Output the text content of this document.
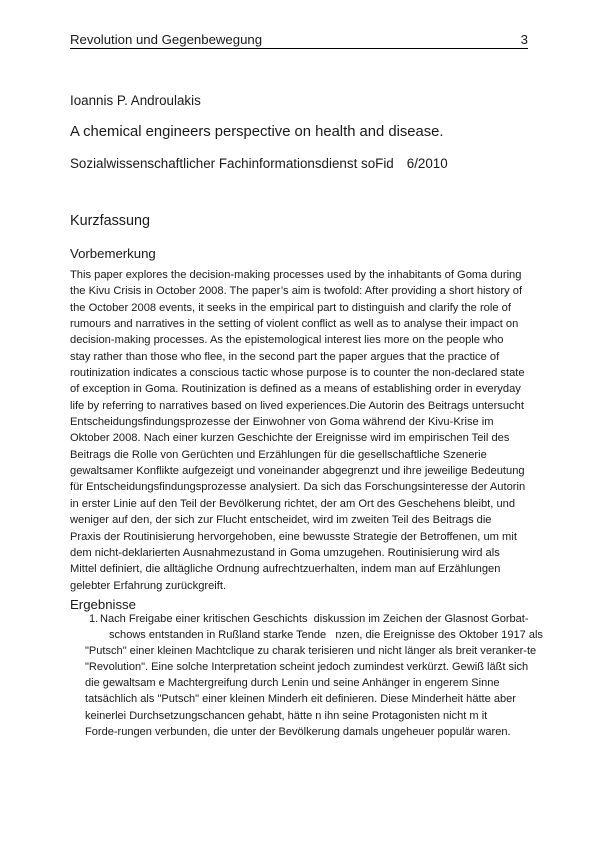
Revolution und Gegenbewegung	3
Ioannis P. Androulakis
A chemical engineers perspective on health and disease.
Sozialwissenschaftlicher Fachinformationsdienst soFid 6/2010
Kurzfassung
Vorbemerkung
This paper explores the decision-making processes used by the inhabitants of Goma during
the Kivu Crisis in October 2008. The paper’s aim is twofold: After providing a short history of
the October 2008 events, it seeks in the empirical part to distinguish and clarify the role of
rumours and narratives in the setting of violent conflict as well as to analyse their impact on
decision-making processes. As the epistemological interest lies more on the people who
stay rather than those who flee, in the second part the paper argues that the practice of
routinization indicates a conscious tactic whose purpose is to counter the non-declared state
of exception in Goma. Routinization is defined as a means of establishing order in everyday
life by referring to narratives based on lived experiences.Die Autorin des Beitrags untersucht
Entscheidungsfindungsprozesse der Einwohner von Goma während der Kivu-Krise im
Oktober 2008. Nach einer kurzen Geschichte der Ereignisse wird im empirischen Teil des
Beitrags die Rolle von Gerüchten und Erzählungen für die gesellschaftliche Szenerie
gewaltsamer Konflikte aufgezeigt und voneinander abgegrenzt und ihre jeweilige Bedeutung
für Entscheidungsfindungsprozesse analysiert. Da sich das Forschungsinteresse der Autorin
in erster Linie auf den Teil der Bevölkerung richtet, der am Ort des Geschehens bleibt, und
weniger auf den, der sich zur Flucht entscheidet, wird im zweiten Teil des Beitrags die
Praxis der Routinisierung hervorgehoben, eine bewusste Strategie der Betroffenen, um mit
dem nicht-deklarierten Ausnahmezustand in Goma umzugehen. Routinisierung wird als
Mittel definiert, die alltägliche Ordnung aufrechtzuerhalten, indem man auf Erzählungen
gelebter Erfahrung zurückgreift.
Ergebnisse
1. Nach Freigabe einer kritischen Geschichts  diskussion im Zeichen der Glasnost Gorbat-
schows entstanden in Rußland starke Tende   nzen, die Ereignisse des Oktober 1917 als
"Putsch" einer kleinen Machtclique zu charak terisieren und nicht länger als breit veranker-te
"Revolution". Eine solche Interpretation scheint jedoch zumindest verkürzt. Gewiß läßt sich
die gewaltsam e Machtergreifung durch Lenin und seine Anhänger in engerem Sinne
tatsächlich als "Putsch" einer kleinen Minderh eit definieren. Diese Minderheit hätte aber
keinerlei Durchsetzungschancen gehabt, hätte n ihn seine Protagonisten nicht m it
Forde-rungen verbunden, die unter der Bevölkerung damals ungeheuer populär waren.
